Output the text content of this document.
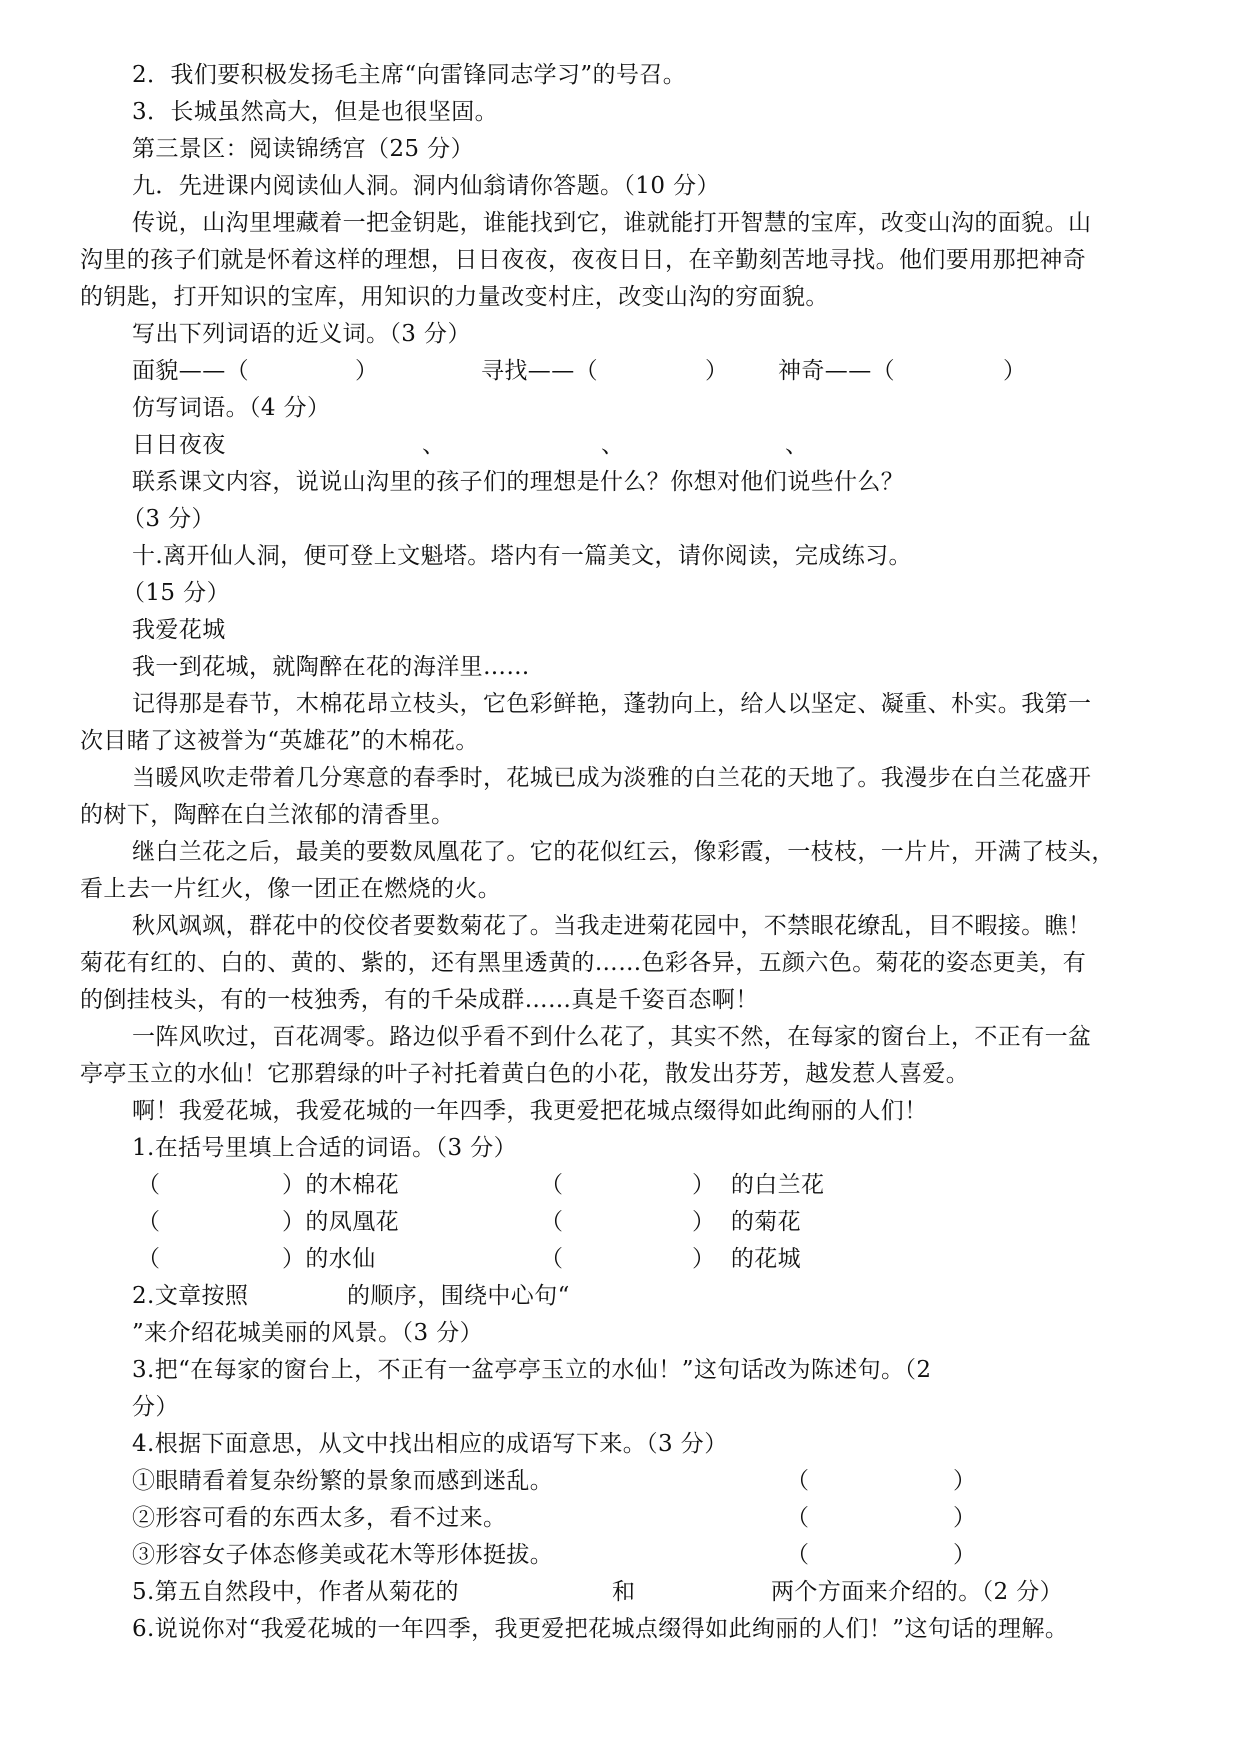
2．我们要积极发扬毛主席“向雷锋同志学习”的号召。
3．长城虽然高大，但是也很坚固。
第三景区：阅读锦绣宫（25 分）
九．先进课内阅读仙人洞。洞内仙翁请你答题。（10 分）
传说，山沟里埋藏着一把金钥匙，谁能找到它，谁就能打开智慧的宝库，改变山沟的面貌。山
沟里的孩子们就是怀着这样的理想，日日夜夜，夜夜日日，在辛勤刻苦地寻找。他们要用那把神奇
的钥匙，打开知识的宝库，用知识的力量改变村庄，改变山沟的穷面貌。
写出下列词语的近义词。（3 分）
面貌——（	）	寻找——（	） 神奇——（	）
仿写词语。（4 分）
日日夜夜	、	、	、
联系课文内容，说说山沟里的孩子们的理想是什么？你想对他们说些什么？
（3 分）
十.离开仙人洞，便可登上文魁塔。塔内有一篇美文，请你阅读，完成练习。
（15 分）
我爱花城
我一到花城，就陶醉在花的海洋里……
记得那是春节，木棉花昂立枝头，它色彩鲜艳，蓬勃向上，给人以坚定、凝重、朴实。我第一
次目睹了这被誉为“英雄花”的木棉花。
当暖风吹走带着几分寒意的春季时，花城已成为淡雅的白兰花的天地了。我漫步在白兰花盛开
的树下，陶醉在白兰浓郁的清香里。
继白兰花之后，最美的要数凤凰花了。它的花似红云，像彩霞，一枝枝，一片片，开满了枝头，
看上去一片红火，像一团正在燃烧的火。
秋风飒飒，群花中的佼佼者要数菊花了。当我走进菊花园中，不禁眼花缭乱，目不暇接。瞧！
菊花有红的、白的、黄的、紫的，还有黑里透黄的……色彩各异，五颜六色。菊花的姿态更美，有
的倒挂枝头，有的一枝独秀，有的千朵成群……真是千姿百态啊！
一阵风吹过，百花凋零。路边似乎看不到什么花了，其实不然，在每家的窗台上，不正有一盆
亭亭玉立的水仙！它那碧绿的叶子衬托着黄白色的小花，散发出芬芳，越发惹人喜爱。
啊！我爱花城，我爱花城的一年四季，我更爱把花城点缀得如此绚丽的人们！
1.在括号里填上合适的词语。（3 分）
（	）的木棉花	（	）  的白兰花
（	）的凤凰花	（	）  的菊花
（	）的水仙	（	）  的花城
2.文章按照	的顺序，围绕中心句“
”来介绍花城美丽的风景。（3 分）
3.把“在每家的窗台上，不正有一盆亭亭玉立的水仙！”这句话改为陈述句。（2
分）
4.根据下面意思，从文中找出相应的成语写下来。（3 分）
①眼睛看着复杂纷繁的景象而感到迷乱。	（	）
②形容可看的东西太多，看不过来。	（	）
③形容女子体态修美或花木等形体挺拔。	（	）
5.第五自然段中，作者从菊花的	和	两个方面来介绍的。（2 分）
6.说说你对“我爱花城的一年四季，我更爱把花城点缀得如此绚丽的人们！”这句话的理解。
